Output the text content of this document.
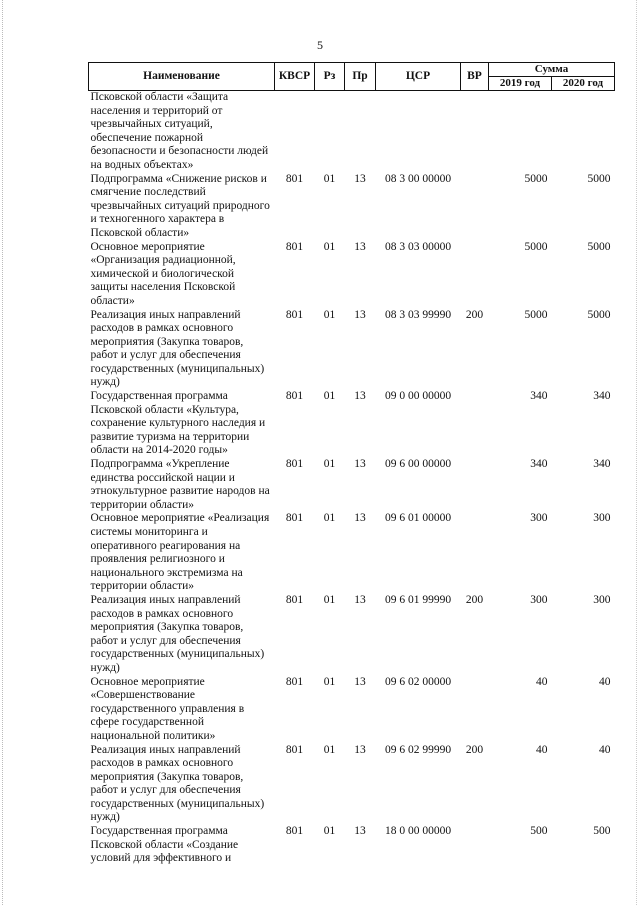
5
Наименование	КВСР	Рз	Пр	ЦСР	ВР	Сумма	
						2019 год	2020 год
Псковской области «Защита населения и территорий от чрезвычайных ситуаций, обеспечение пожарной безопасности и безопасности людей на водных объектах»							
Подпрограмма «Снижение рисков и смягчение последствий чрезвычайных ситуаций природного и техногенного характера в Псковской области»	801	01	13	08 3 00 00000		5000	5000
Основное мероприятие «Организация радиационной, химической и биологической защиты населения Псковской области»	801	01	13	08 3 03 00000		5000	5000
Реализация иных направлений расходов в рамках основного мероприятия (Закупка товаров, работ и услуг для обеспечения государственных (муниципальных) нужд)	801	01	13	08 3 03 99990	200	5000	5000
Государственная программа Псковской области «Культура, сохранение культурного наследия и развитие туризма на территории области на 2014-2020 годы»	801	01	13	09 0 00 00000		340	340
Подпрограмма «Укрепление единства российской нации и этнокультурное развитие народов на территории области»	801	01	13	09 6 00 00000		340	340
Основное мероприятие «Реализация системы мониторинга и оперативного реагирования на проявления религиозного и национального экстремизма на территории области»	801	01	13	09 6 01 00000		300	300
Реализация иных направлений расходов в рамках основного мероприятия (Закупка товаров, работ и услуг для обеспечения государственных (муниципальных) нужд)	801	01	13	09 6 01 99990	200	300	300
Основное мероприятие «Совершенствование государственного управления в сфере государственной национальной политики»	801	01	13	09 6 02 00000		40	40
Реализация иных направлений расходов в рамках основного мероприятия (Закупка товаров, работ и услуг для обеспечения государственных (муниципальных) нужд)	801	01	13	09 6 02 99990	200	40	40
Государственная программа Псковской области «Создание условий для эффективного и	801	01	13	18 0 00 00000		500	500
